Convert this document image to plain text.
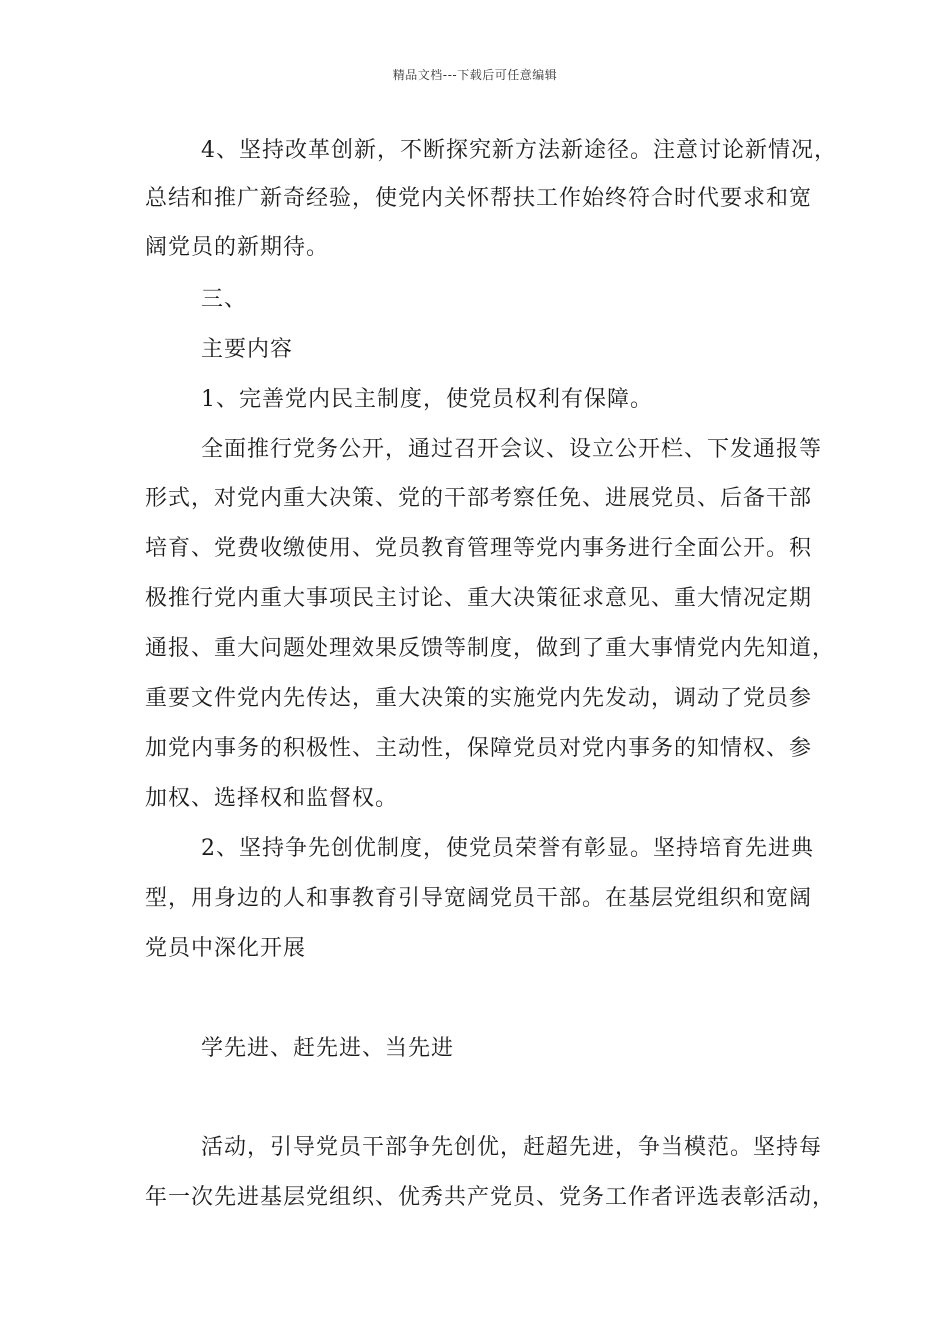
精品文档---下载后可任意编辑
4、坚持改革创新，不断探究新方法新途径。注意讨论新情况，
总结和推广新奇经验，使党内关怀帮扶工作始终符合时代要求和宽
阔党员的新期待。
三、
主要内容
1、完善党内民主制度，使党员权利有保障。
全面推行党务公开，通过召开会议、设立公开栏、下发通报等
形式，对党内重大决策、党的干部考察任免、进展党员、后备干部
培育、党费收缴使用、党员教育管理等党内事务进行全面公开。积
极推行党内重大事项民主讨论、重大决策征求意见、重大情况定期
通报、重大问题处理效果反馈等制度，做到了重大事情党内先知道，
重要文件党内先传达，重大决策的实施党内先发动，调动了党员参
加党内事务的积极性、主动性，保障党员对党内事务的知情权、参
加权、选择权和监督权。
2、坚持争先创优制度，使党员荣誉有彰显。坚持培育先进典
型，用身边的人和事教育引导宽阔党员干部。在基层党组织和宽阔
党员中深化开展
学先进、赶先进、当先进
活动，引导党员干部争先创优，赶超先进，争当模范。坚持每
年一次先进基层党组织、优秀共产党员、党务工作者评选表彰活动，
